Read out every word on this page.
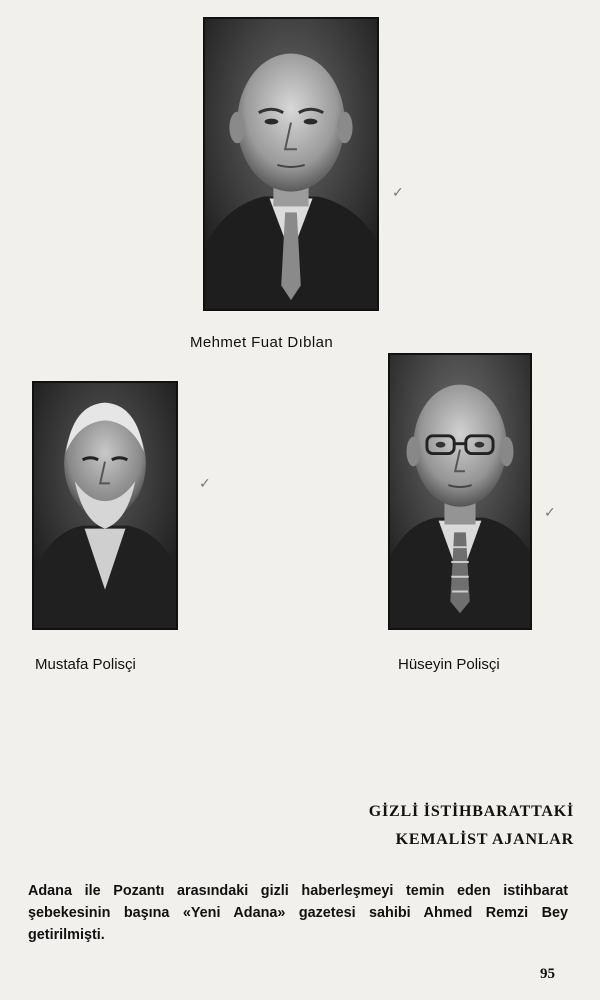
Mehmet Fuat Dıblan
✓
Mustafa Polisçi
✓
Hüseyin Polisçi
✓
GİZLİ İSTİHBARATTAKİ
KEMALİST AJANLAR
Adana ile Pozantı arasındaki gizli haberleşmeyi temin eden istihbarat şebekesinin başına «Yeni Adana» gazetesi sahibi Ahmed Remzi Bey getirilmişti.
95
